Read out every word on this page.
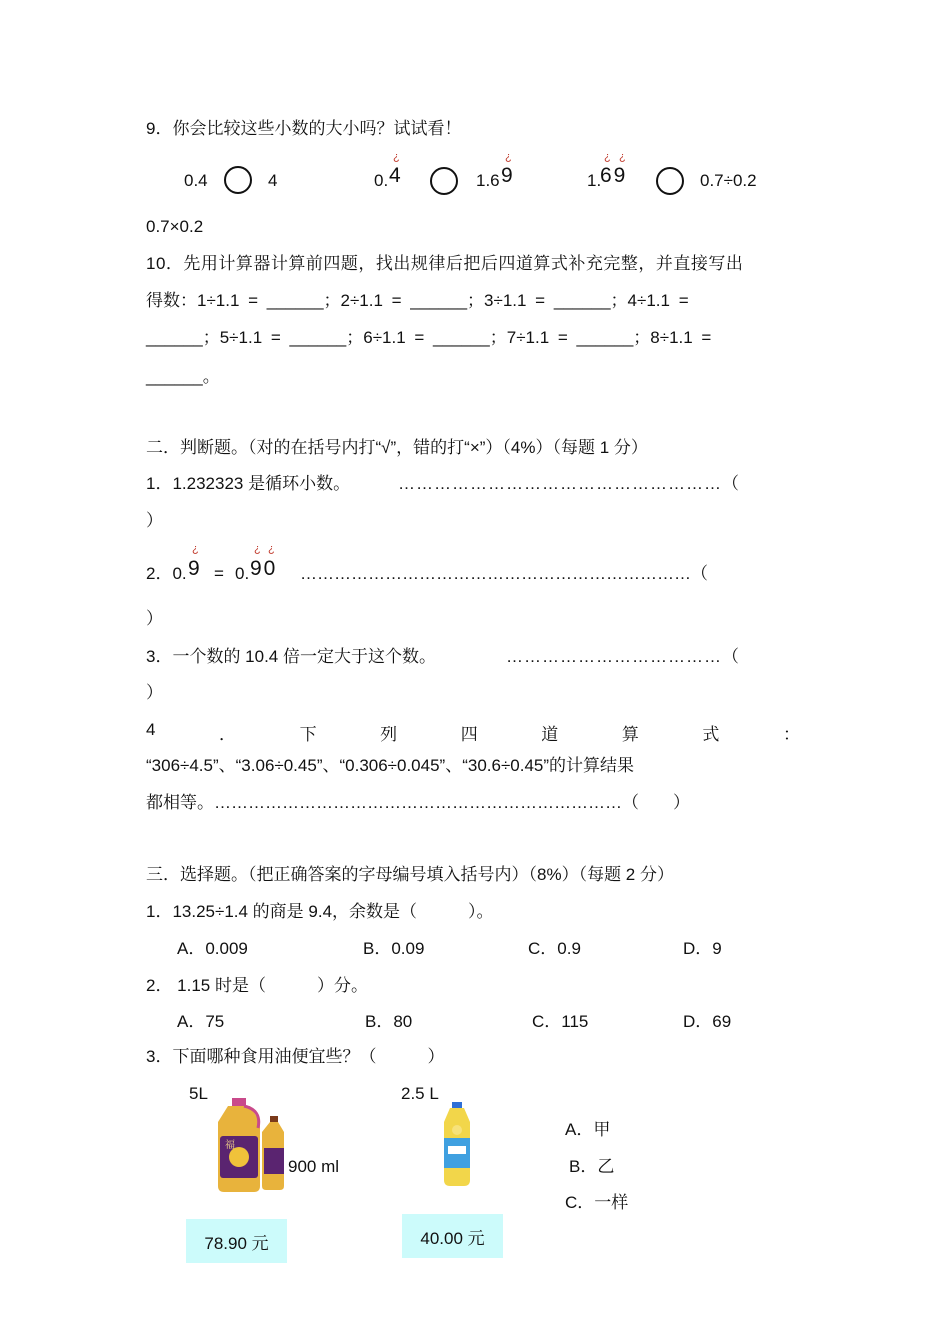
9．你会比较这些小数的大小吗？试试看！
0.4	4	0. 4
¿
1.6 9
¿
1.
69
¿ ¿
0.7÷0.2
0.7×0.2
10．先用计算器计算前四题，找出规律后把后四道算式补充完整，并直接写出
得数：1÷1.1 = ______；2÷1.1 = ______；3÷1.1 = ______；4÷1.1 =
______；5÷1.1 = ______；6÷1.1 = ______；7÷1.1 = ______；8÷1.1 =
______。
二．判断题。（对的在括号内打“√”，错的打“×”）（4%）（每题 1 分）
1．1.232323 是循环小数。	………………………………………………（
）
2．0. 9
¿
= 0. 90
¿ ¿
……………………………………………………………（
）
3．一个数的 10.4 倍一定大于这个数。	………………………………（
）
4	．	下	列	四	道	算	式	：
“306÷4.5”、“3.06÷0.45”、“0.306÷0.045”、“30.6÷0.45”的计算结果
都相等。………………………………………………………………（　　）
三．选择题。（把正确答案的字母编号填入括号内）（8%）（每题 2 分）
1．13.25÷1.4 的商是 9.4，余数是（　　　）。
A．0.009	B．0.09	C．0.9	D．9
2． 1.15 时是（　　　）分。
A．75	B．80	C．115	D．69
3．下面哪种食用油便宜些？（　　　）
5L
福
900 ml
78.90 元
2.5 L
40.00 元
A．甲
B．乙
C．一样
